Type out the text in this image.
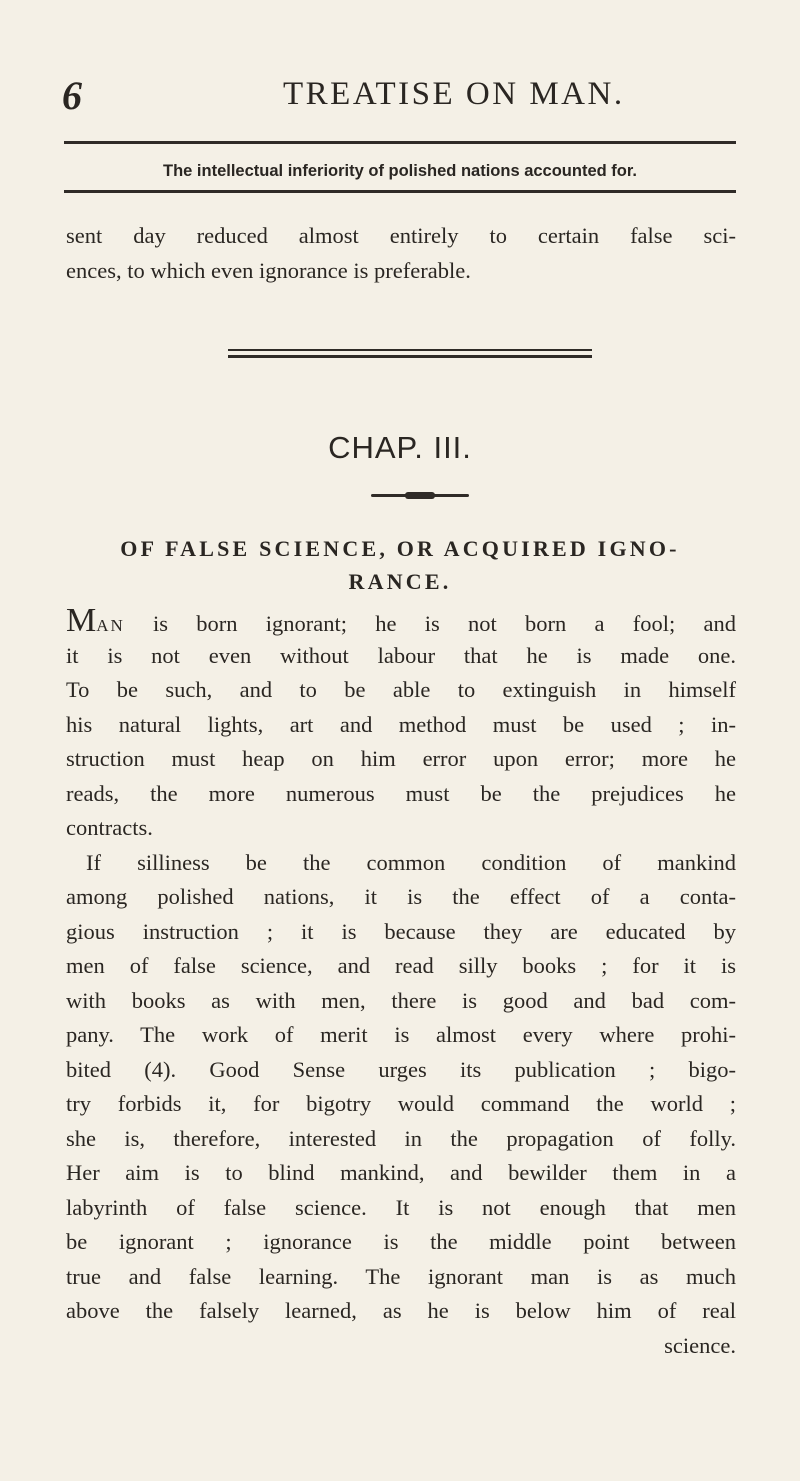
6	TREATISE ON MAN.
The intellectual inferiority of polished nations accounted for.
sent day reduced almost entirely to certain false sci-
ences, to which even ignorance is preferable.
CHAP. III.
OF FALSE SCIENCE, OR ACQUIRED IGNO-
RANCE.
MAN is born ignorant; he is not born a fool; and
it is not even without labour that he is made one.
To be such, and to be able to extinguish in himself
his natural lights, art and method must be used ; in-
struction must heap on him error upon error; more he
reads, the more numerous must be the prejudices he
contracts.
If silliness be the common condition of mankind
among polished nations, it is the effect of a conta-
gious instruction ; it is because they are educated by
men of false science, and read silly books ; for it is
with books as with men, there is good and bad com-
pany. The work of merit is almost every where prohi-
bited (4). Good Sense urges its publication ; bigo-
try forbids it, for bigotry would command the world ;
she is, therefore, interested in the propagation of folly.
Her aim is to blind mankind, and bewilder them in a
labyrinth of false science. It is not enough that men
be ignorant ; ignorance is the middle point between
true and false learning. The ignorant man is as much
above the falsely learned, as he is below him of real
science.
